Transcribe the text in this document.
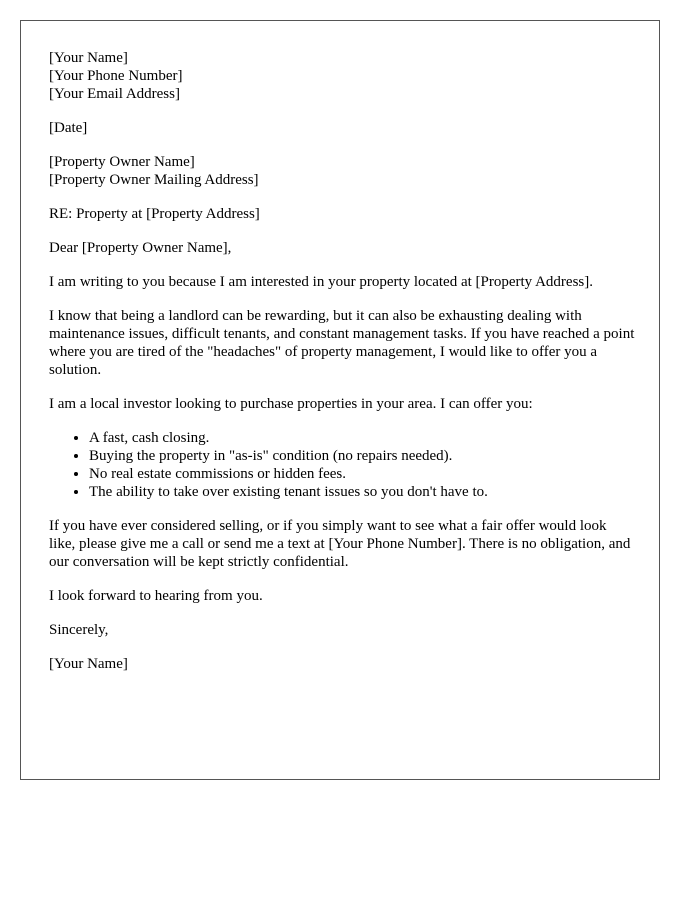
[Your Name]
[Your Phone Number]
[Your Email Address]

[Date]

[Property Owner Name]
[Property Owner Mailing Address]

RE: Property at [Property Address]

Dear [Property Owner Name],

I am writing to you because I am interested in your property located at [Property Address].

I know that being a landlord can be rewarding, but it can also be exhausting dealing with maintenance issues, difficult tenants, and constant management tasks. If you have reached a point where you are tired of the "headaches" of property management, I would like to offer you a solution.

I am a local investor looking to purchase properties in your area. I can offer you:

• A fast, cash closing.
• Buying the property in "as-is" condition (no repairs needed).
• No real estate commissions or hidden fees.
• The ability to take over existing tenant issues so you don't have to.

If you have ever considered selling, or if you simply want to see what a fair offer would look like, please give me a call or send me a text at [Your Phone Number]. There is no obligation, and our conversation will be kept strictly confidential.

I look forward to hearing from you.

Sincerely,

[Your Name]
